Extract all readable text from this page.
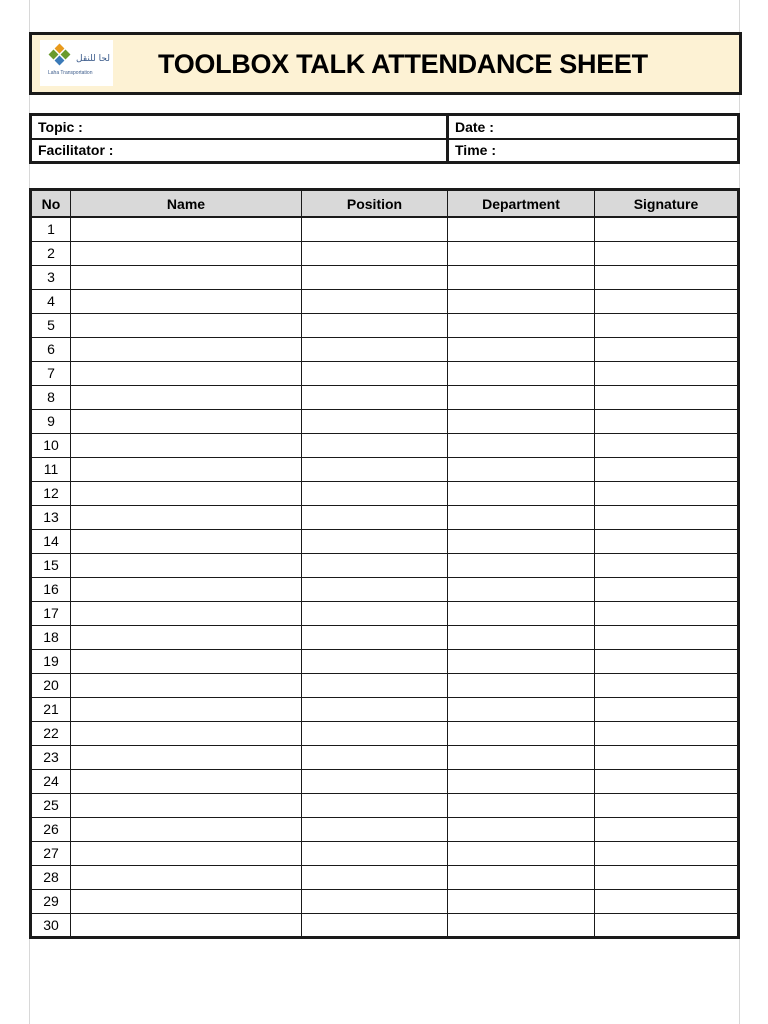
لحا للنقل
Laha Transportation TOOLBOX TALK ATTENDANCE SHEET
Topic :	Date :
Facilitator :	Time :
No	Name	Position	Department	Signature
1				
2				
3				
4				
5				
6				
7				
8				
9				
10				
11				
12				
13				
14				
15				
16				
17				
18				
19				
20				
21				
22				
23				
24				
25				
26				
27				
28				
29				
30				
